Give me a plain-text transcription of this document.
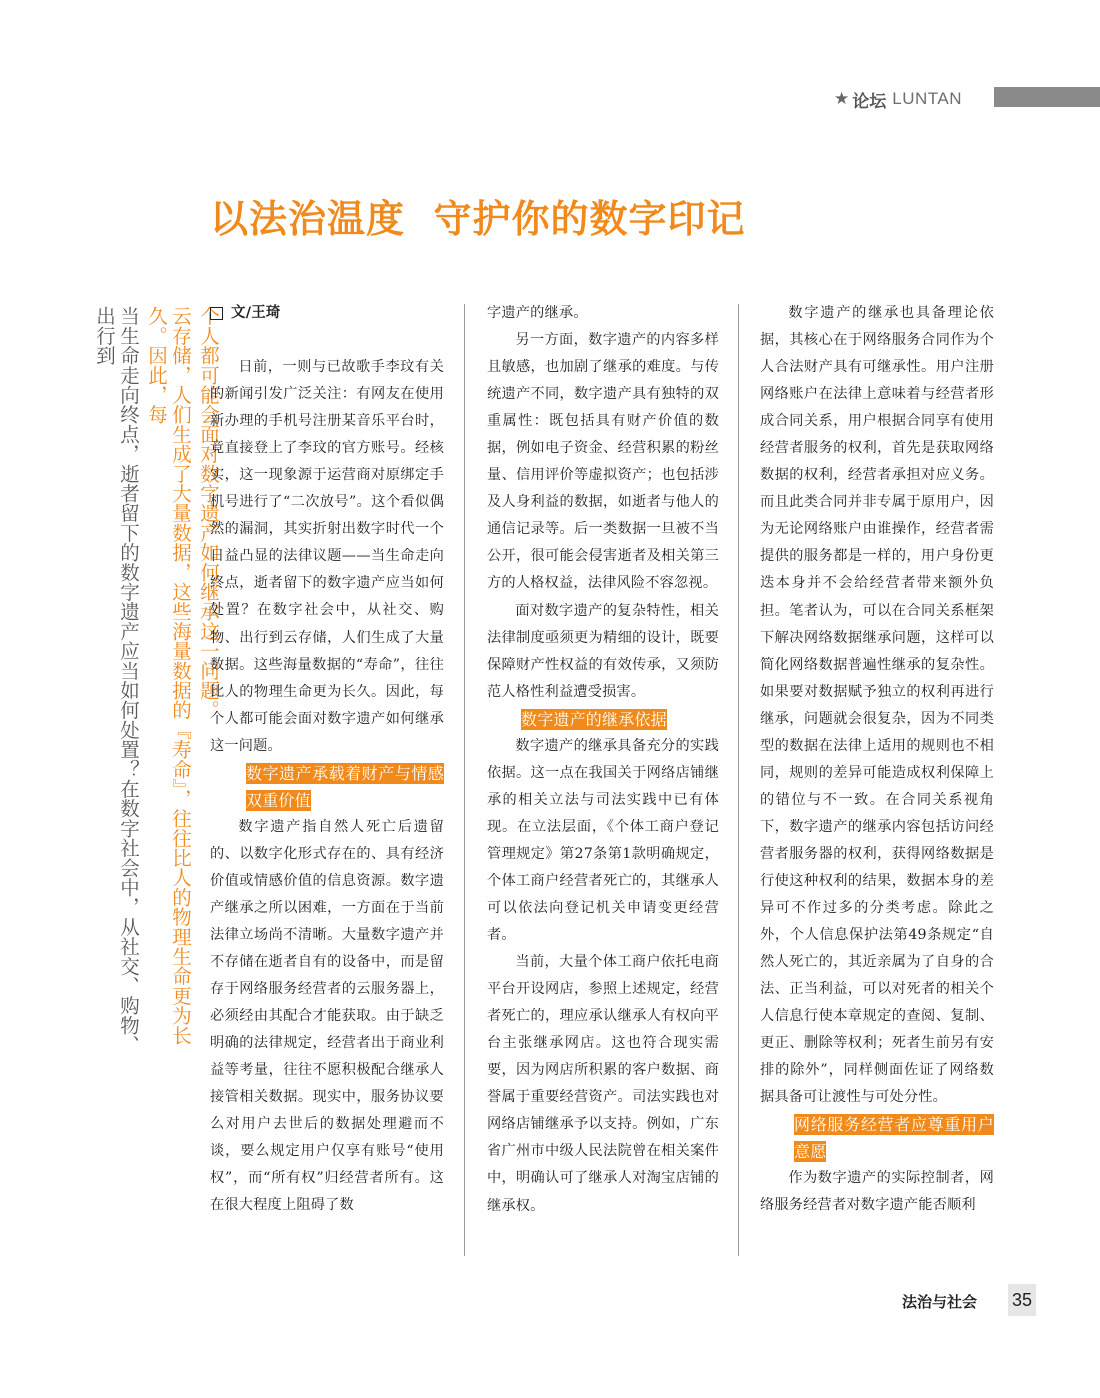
★ 论坛 LUNTAN
以法治温度  守护你的数字印记
个人都可能会面对数字遗产如何继承这一问题。
云存储，人们生成了大量数据，这些海量数据的『寿命』，往往比人的物理生命更为长久。因此，每
当生命走向终点，逝者留下的数字遗产应当如何处置？在数字社会中，从社交、购物、出行到	文/王琦

日前，一则与已故歌手李玟有关的新闻引发广泛关注：有网友在使用新办理的手机号注册某音乐平台时，竟直接登上了李玟的官方账号。经核实，这一现象源于运营商对原绑定手机号进行了“二次放号”。这个看似偶然的漏洞，其实折射出数字时代一个日益凸显的法律议题——当生命走向终点，逝者留下的数字遗产应当如何处置？在数字社会中，从社交、购物、出行到云存储，人们生成了大量数据。这些海量数据的“寿命”，往往比人的物理生命更为长久。因此，每个人都可能会面对数字遗产如何继承这一问题。

数字遗产承载着财产与情感双重价值

数字遗产指自然人死亡后遗留的、以数字化形式存在的、具有经济价值或情感价值的信息资源。数字遗产继承之所以困难，一方面在于当前法律立场尚不清晰。大量数字遗产并不存储在逝者自有的设备中，而是留存于网络服务经营者的云服务器上，必须经由其配合才能获取。由于缺乏明确的法律规定，经营者出于商业利益等考量，往往不愿积极配合继承人接管相关数据。现实中，服务协议要么对用户去世后的数据处理避而不谈，要么规定用户仅享有账号“使用权”，而“所有权”归经营者所有。这在很大程度上阻碍了数

字遗产的继承。

另一方面，数字遗产的内容多样且敏感，也加剧了继承的难度。与传统遗产不同，数字遗产具有独特的双重属性：既包括具有财产价值的数据，例如电子资金、经营积累的粉丝量、信用评价等虚拟资产；也包括涉及人身利益的数据，如逝者与他人的通信记录等。后一类数据一旦被不当公开，很可能会侵害逝者及相关第三方的人格权益，法律风险不容忽视。

面对数字遗产的复杂特性，相关法律制度亟须更为精细的设计，既要保障财产性权益的有效传承，又须防范人格性利益遭受损害。

数字遗产的继承依据

数字遗产的继承具备充分的实践依据。这一点在我国关于网络店铺继承的相关立法与司法实践中已有体现。在立法层面，《个体工商户登记管理规定》第27条第1款明确规定，个体工商户经营者死亡的，其继承人可以依法向登记机关申请变更经营者。

当前，大量个体工商户依托电商平台开设网店，参照上述规定，经营者死亡的，理应承认继承人有权向平台主张继承网店。这也符合现实需要，因为网店所积累的客户数据、商誉属于重要经营资产。司法实践也对网络店铺继承予以支持。例如，广东省广州市中级人民法院曾在相关案件中，明确认可了继承人对淘宝店铺的继承权。

数字遗产的继承也具备理论依据，其核心在于网络服务合同作为个人合法财产具有可继承性。用户注册网络账户在法律上意味着与经营者形成合同关系，用户根据合同享有使用经营者服务的权利，首先是获取网络数据的权利，经营者承担对应义务。而且此类合同并非专属于原用户，因为无论网络账户由谁操作，经营者需提供的服务都是一样的，用户身份更迭本身并不会给经营者带来额外负担。笔者认为，可以在合同关系框架下解决网络数据继承问题，这样可以简化网络数据普遍性继承的复杂性。如果要对数据赋予独立的权利再进行继承，问题就会很复杂，因为不同类型的数据在法律上适用的规则也不相同，规则的差异可能造成权利保障上的错位与不一致。在合同关系视角下，数字遗产的继承内容包括访问经营者服务器的权利，获得网络数据是行使这种权利的结果，数据本身的差异可不作过多的分类考虑。除此之外，个人信息保护法第49条规定“自然人死亡的，其近亲属为了自身的合法、正当利益，可以对死者的相关个人信息行使本章规定的查阅、复制、更正、删除等权利；死者生前另有安排的除外”，同样侧面佐证了网络数据具备可让渡性与可处分性。

网络服务经营者应尊重用户意愿

作为数字遗产的实际控制者，网络服务经营者对数字遗产能否顺利

法治与社会 35
